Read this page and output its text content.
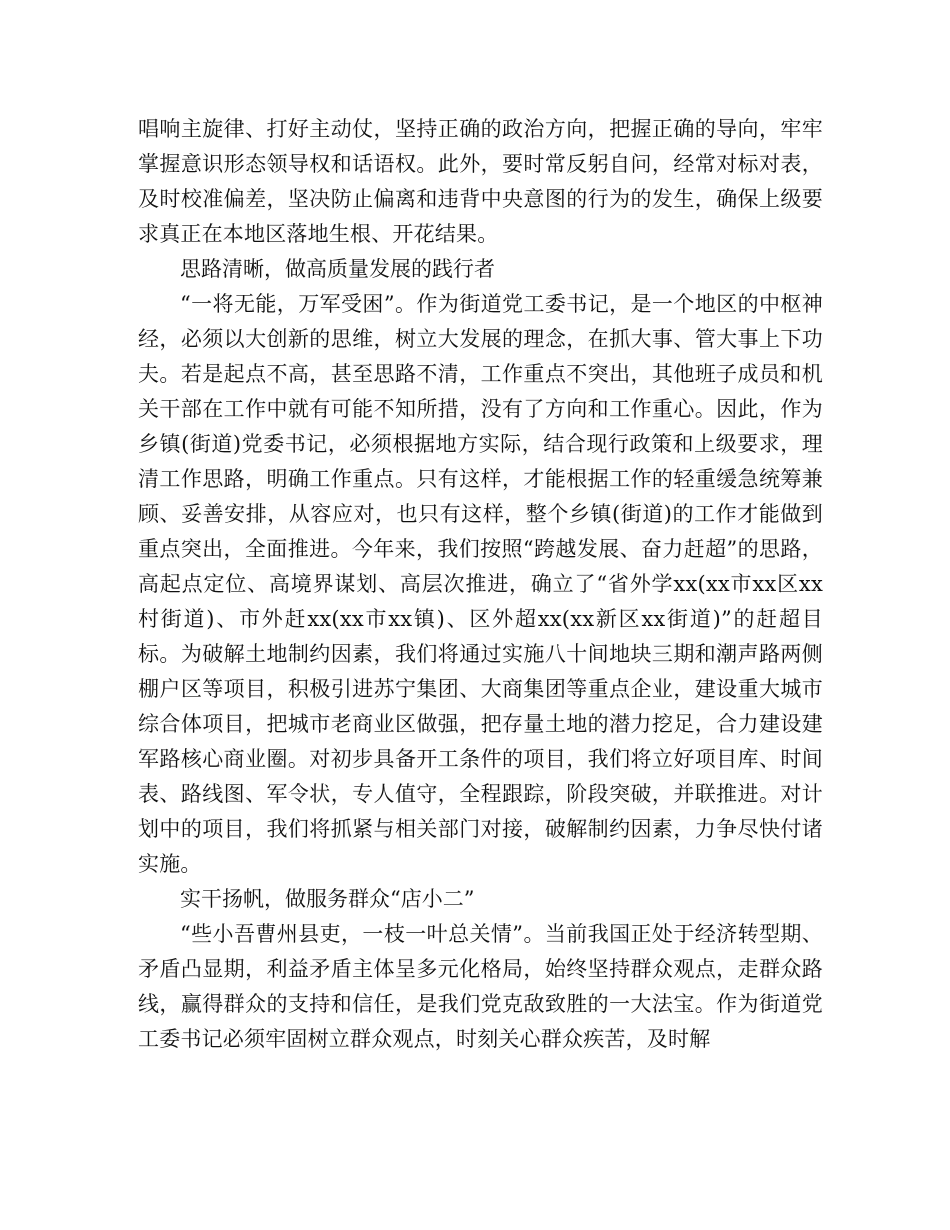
唱响主旋律、打好主动仗，坚持正确的政治方向，把握正确的导向，牢牢掌握意识形态领导权和话语权。此外，要时常反躬自问，经常对标对表，及时校准偏差，坚决防止偏离和违背中央意图的行为的发生，确保上级要求真正在本地区落地生根、开花结果。

思路清晰，做高质量发展的践行者

“一将无能，万军受困”。作为街道党工委书记，是一个地区的中枢神经，必须以大创新的思维，树立大发展的理念，在抓大事、管大事上下功夫。若是起点不高，甚至思路不清，工作重点不突出，其他班子成员和机关干部在工作中就有可能不知所措，没有了方向和工作重心。因此，作为乡镇(街道)党委书记，必须根据地方实际，结合现行政策和上级要求，理清工作思路，明确工作重点。只有这样，才能根据工作的轻重缓急统筹兼顾、妥善安排，从容应对，也只有这样，整个乡镇(街道)的工作才能做到重点突出，全面推进。今年来，我们按照“跨越发展、奋力赶超”的思路，高起点定位、高境界谋划、高层次推进，确立了“省外学xx(xx市xx区xx村街道)、市外赶xx(xx市xx镇)、区外超xx(xx新区xx街道)”的赶超目标。为破解土地制约因素，我们将通过实施八十间地块三期和潮声路两侧棚户区等项目，积极引进苏宁集团、大商集团等重点企业，建设重大城市综合体项目，把城市老商业区做强，把存量土地的潜力挖足，合力建设建军路核心商业圈。对初步具备开工条件的项目，我们将立好项目库、时间表、路线图、军令状，专人值守，全程跟踪，阶段突破，并联推进。对计划中的项目，我们将抓紧与相关部门对接，破解制约因素，力争尽快付诸实施。

实干扬帆，做服务群众“店小二”

“些小吾曹州县吏，一枝一叶总关情”。当前我国正处于经济转型期、矛盾凸显期，利益矛盾主体呈多元化格局，始终坚持群众观点，走群众路线，赢得群众的支持和信任，是我们党克敌致胜的一大法宝。作为街道党工委书记必须牢固树立群众观点，时刻关心群众疾苦，及时解
